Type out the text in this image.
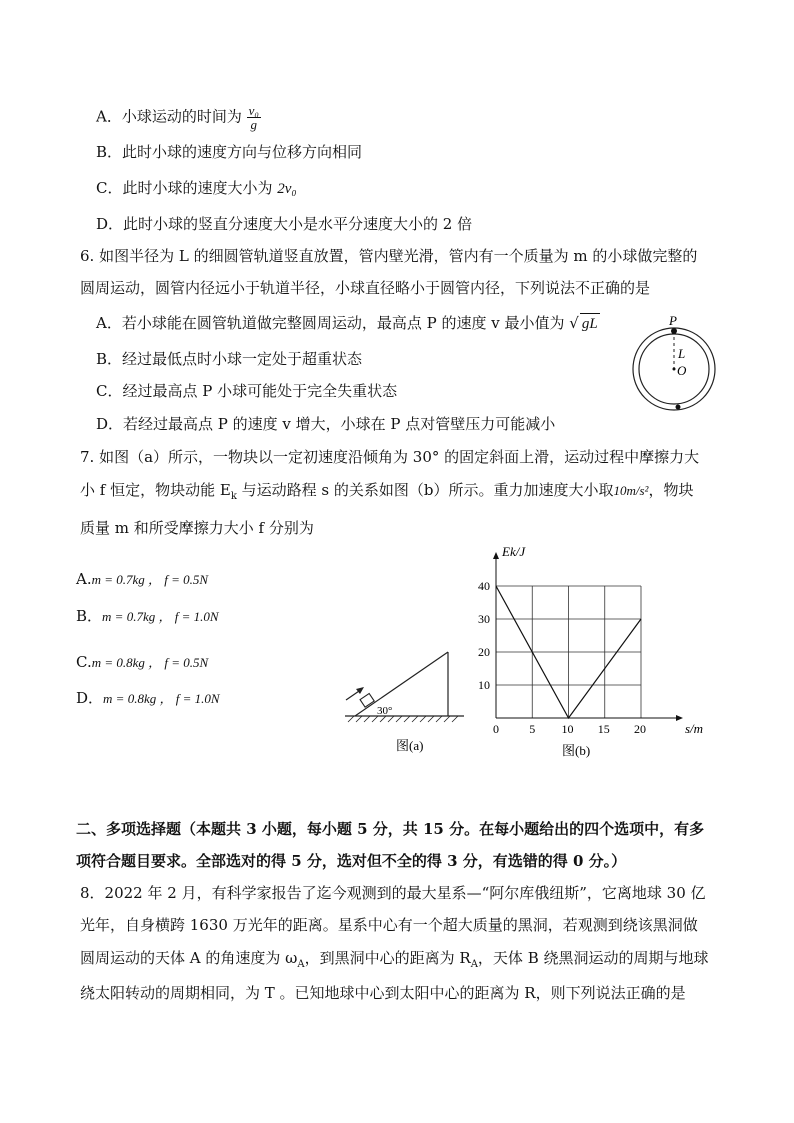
A．小球运动的时间为 $\frac{\text{v₀}}{g}$
B．此时小球的速度方向与位移方向相同
C．此时小球的速度大小为 2v₀
D．此时小球的竖直分速度大小是水平分速度大小的 2 倍
6. 如图半径为 L 的细圆管轨道竖直放置，管内壁光滑，管内有一个质量为 m 的小球做完整的
圆周运动，圆管内径远小于轨道半径，小球直径略小于圆管内径，下列说法不正确的是
A．若小球能在圆管轨道做完整圆周运动，最高点 P 的速度 v 最小值为 √ gL
B．经过最低点时小球一定处于超重状态
C．经过最高点 P 小球可能处于完全失重状态
D．若经过最高点 P 的速度 v 增大，小球在 P 点对管壁压力可能减小
P
L
O
7. 如图（a）所示，一物块以一定初速度沿倾角为 30° 的固定斜面上滑，运动过程中摩擦力大
小 f 恒定，物块动能 $E_k$ 与运动路程 s 的关系如图（b）所示。重力加速度大小取10m/s²，物块
质量 m 和所受摩擦力大小 f 分别为
A.m = 0.7kg ， f = 0.5N
B．m = 0.7kg ， f = 1.0N
C.m = 0.8kg ， f = 0.5N
D．m = 0.8kg ， f = 1.0N
30°
图(a)
0	5 10 15 20
10
20
30
40
Ek/J
s/m
图(b)
二、多项选择题（本题共 3 小题，每小题 5 分，共 15 分。在每小题给出的四个选项中，有多
项符合题目要求。全部选对的得 5 分，选对但不全的得 3 分，有选错的得 0 分。）
8．2022 年 2 月，有科学家报告了迄今观测到的最大星系—“阿尔库俄纽斯”，它离地球 30 亿
光年，自身横跨 1630 万光年的距离。星系中心有一个超大质量的黑洞，若观测到绕该黑洞做
圆周运动的天体 A 的角速度为 $\omega_A$，到黑洞中心的距离为 $R_A$，天体 B 绕黑洞运动的周期与地球
绕太阳转动的周期相同，为 T 。已知地球中心到太阳中心的距离为 R，则下列说法正确的是
